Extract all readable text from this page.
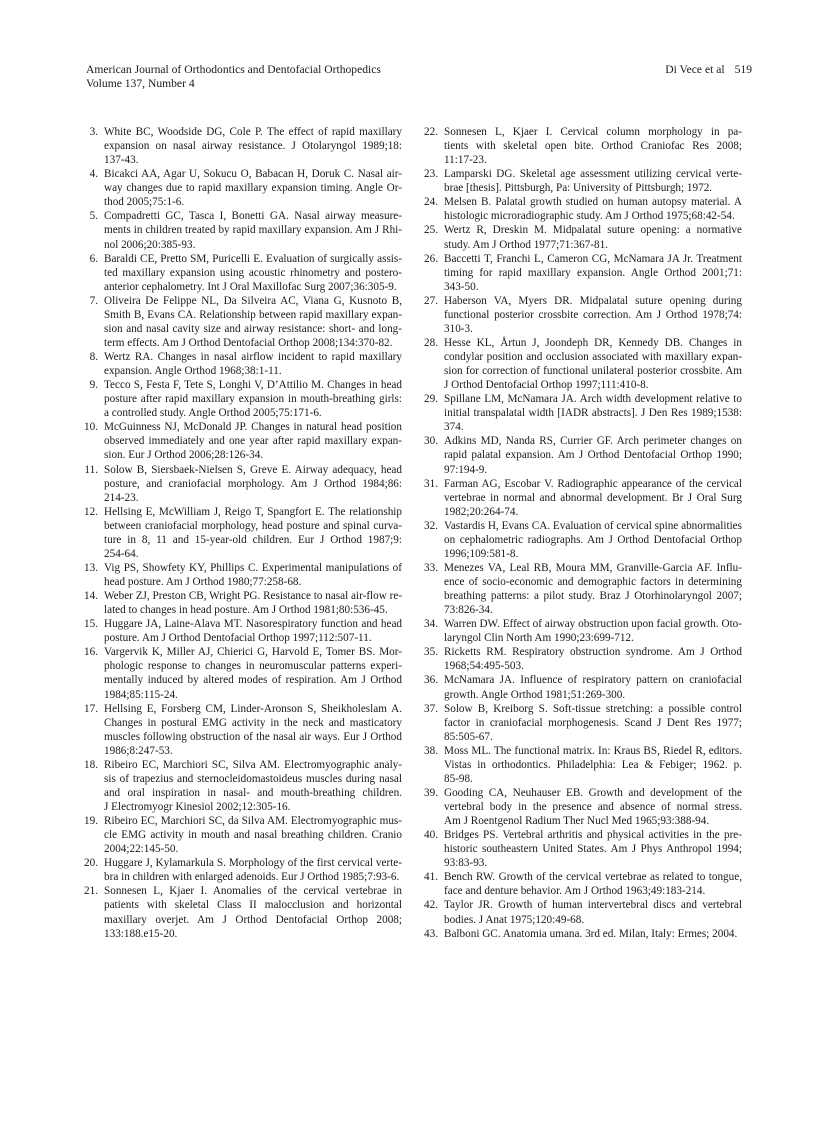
American Journal of Orthodontics and Dentofacial Orthopedics
Volume 137, Number 4
Di Vece et al 519
3. White BC, Woodside DG, Cole P. The effect of rapid maxillary
expansion on nasal airway resistance. J Otolaryngol 1989;18:
137-43.
4. Bicakci AA, Agar U, Sokucu O, Babacan H, Doruk C. Nasal air-
way changes due to rapid maxillary expansion timing. Angle Or-
thod 2005;75:1-6.
5. Compadretti GC, Tasca I, Bonetti GA. Nasal airway measure-
ments in children treated by rapid maxillary expansion. Am J Rhi-
nol 2006;20:385-93.
6. Baraldi CE, Pretto SM, Puricelli E. Evaluation of surgically assis-
ted maxillary expansion using acoustic rhinometry and postero-
anterior cephalometry. Int J Oral Maxillofac Surg 2007;36:305-9.
7. Oliveira De Felippe NL, Da Silveira AC, Viana G, Kusnoto B,
Smith B, Evans CA. Relationship between rapid maxillary expan-
sion and nasal cavity size and airway resistance: short- and long-
term effects. Am J Orthod Dentofacial Orthop 2008;134:370-82.
8. Wertz RA. Changes in nasal airflow incident to rapid maxillary
expansion. Angle Orthod 1968;38:1-11.
9. Tecco S, Festa F, Tete S, Longhi V, D’Attilio M. Changes in head
posture after rapid maxillary expansion in mouth-breathing girls:
a controlled study. Angle Orthod 2005;75:171-6.
10. McGuinness NJ, McDonald JP. Changes in natural head position
observed immediately and one year after rapid maxillary expan-
sion. Eur J Orthod 2006;28:126-34.
11. Solow B, Siersbaek-Nielsen S, Greve E. Airway adequacy, head
posture, and craniofacial morphology. Am J Orthod 1984;86:
214-23.
12. Hellsing E, McWilliam J, Reigo T, Spangfort E. The relationship
between craniofacial morphology, head posture and spinal curva-
ture in 8, 11 and 15-year-old children. Eur J Orthod 1987;9:
254-64.
13. Vig PS, Showfety KY, Phillips C. Experimental manipulations of
head posture. Am J Orthod 1980;77:258-68.
14. Weber ZJ, Preston CB, Wright PG. Resistance to nasal air-flow re-
lated to changes in head posture. Am J Orthod 1981;80:536-45.
15. Huggare JA, Laine-Alava MT. Nasorespiratory function and head
posture. Am J Orthod Dentofacial Orthop 1997;112:507-11.
16. Vargervik K, Miller AJ, Chierici G, Harvold E, Tomer BS. Mor-
phologic response to changes in neuromuscular patterns experi-
mentally induced by altered modes of respiration. Am J Orthod
1984;85:115-24.
17. Hellsing E, Forsberg CM, Linder-Aronson S, Sheikholeslam A.
Changes in postural EMG activity in the neck and masticatory
muscles following obstruction of the nasal air ways. Eur J Orthod
1986;8:247-53.
18. Ribeiro EC, Marchiori SC, Silva AM. Electromyographic analy-
sis of trapezius and sternocleidomastoideus muscles during nasal
and oral inspiration in nasal- and mouth-breathing children.
J Electromyogr Kinesiol 2002;12:305-16.
19. Ribeiro EC, Marchiori SC, da Silva AM. Electromyographic mus-
cle EMG activity in mouth and nasal breathing children. Cranio
2004;22:145-50.
20. Huggare J, Kylamarkula S. Morphology of the first cervical verte-
bra in children with enlarged adenoids. Eur J Orthod 1985;7:93-6.
21. Sonnesen L, Kjaer I. Anomalies of the cervical vertebrae in
patients with skeletal Class II malocclusion and horizontal
maxillary overjet. Am J Orthod Dentofacial Orthop 2008;
133:188.e15-20.
22. Sonnesen L, Kjaer I. Cervical column morphology in pa-
tients with skeletal open bite. Orthod Craniofac Res 2008;
11:17-23.
23. Lamparski DG. Skeletal age assessment utilizing cervical verte-
brae [thesis]. Pittsburgh, Pa: University of Pittsburgh; 1972.
24. Melsen B. Palatal growth studied on human autopsy material. A
histologic microradiographic study. Am J Orthod 1975;68:42-54.
25. Wertz R, Dreskin M. Midpalatal suture opening: a normative
study. Am J Orthod 1977;71:367-81.
26. Baccetti T, Franchi L, Cameron CG, McNamara JA Jr. Treatment
timing for rapid maxillary expansion. Angle Orthod 2001;71:
343-50.
27. Haberson VA, Myers DR. Midpalatal suture opening during
functional posterior crossbite correction. Am J Orthod 1978;74:
310-3.
28. Hesse KL, Årtun J, Joondeph DR, Kennedy DB. Changes in
condylar position and occlusion associated with maxillary expan-
sion for correction of functional unilateral posterior crossbite. Am
J Orthod Dentofacial Orthop 1997;111:410-8.
29. Spillane LM, McNamara JA. Arch width development relative to
initial transpalatal width [IADR abstracts]. J Den Res 1989;1538:
374.
30. Adkins MD, Nanda RS, Currier GF. Arch perimeter changes on
rapid palatal expansion. Am J Orthod Dentofacial Orthop 1990;
97:194-9.
31. Farman AG, Escobar V. Radiographic appearance of the cervical
vertebrae in normal and abnormal development. Br J Oral Surg
1982;20:264-74.
32. Vastardis H, Evans CA. Evaluation of cervical spine abnormalities
on cephalometric radiographs. Am J Orthod Dentofacial Orthop
1996;109:581-8.
33. Menezes VA, Leal RB, Moura MM, Granville-Garcia AF. Influ-
ence of socio-economic and demographic factors in determining
breathing patterns: a pilot study. Braz J Otorhinolaryngol 2007;
73:826-34.
34. Warren DW. Effect of airway obstruction upon facial growth. Oto-
laryngol Clin North Am 1990;23:699-712.
35. Ricketts RM. Respiratory obstruction syndrome. Am J Orthod
1968;54:495-503.
36. McNamara JA. Influence of respiratory pattern on craniofacial
growth. Angle Orthod 1981;51:269-300.
37. Solow B, Kreiborg S. Soft-tissue stretching: a possible control
factor in craniofacial morphogenesis. Scand J Dent Res 1977;
85:505-67.
38. Moss ML. The functional matrix. In: Kraus BS, Riedel R, editors.
Vistas in orthodontics. Philadelphia: Lea & Febiger; 1962. p.
85-98.
39. Gooding CA, Neuhauser EB. Growth and development of the
vertebral body in the presence and absence of normal stress.
Am J Roentgenol Radium Ther Nucl Med 1965;93:388-94.
40. Bridges PS. Vertebral arthritis and physical activities in the pre-
historic southeastern United States. Am J Phys Anthropol 1994;
93:83-93.
41. Bench RW. Growth of the cervical vertebrae as related to tongue,
face and denture behavior. Am J Orthod 1963;49:183-214.
42. Taylor JR. Growth of human intervertebral discs and vertebral
bodies. J Anat 1975;120:49-68.
43. Balboni GC. Anatomia umana. 3rd ed. Milan, Italy: Ermes; 2004.
